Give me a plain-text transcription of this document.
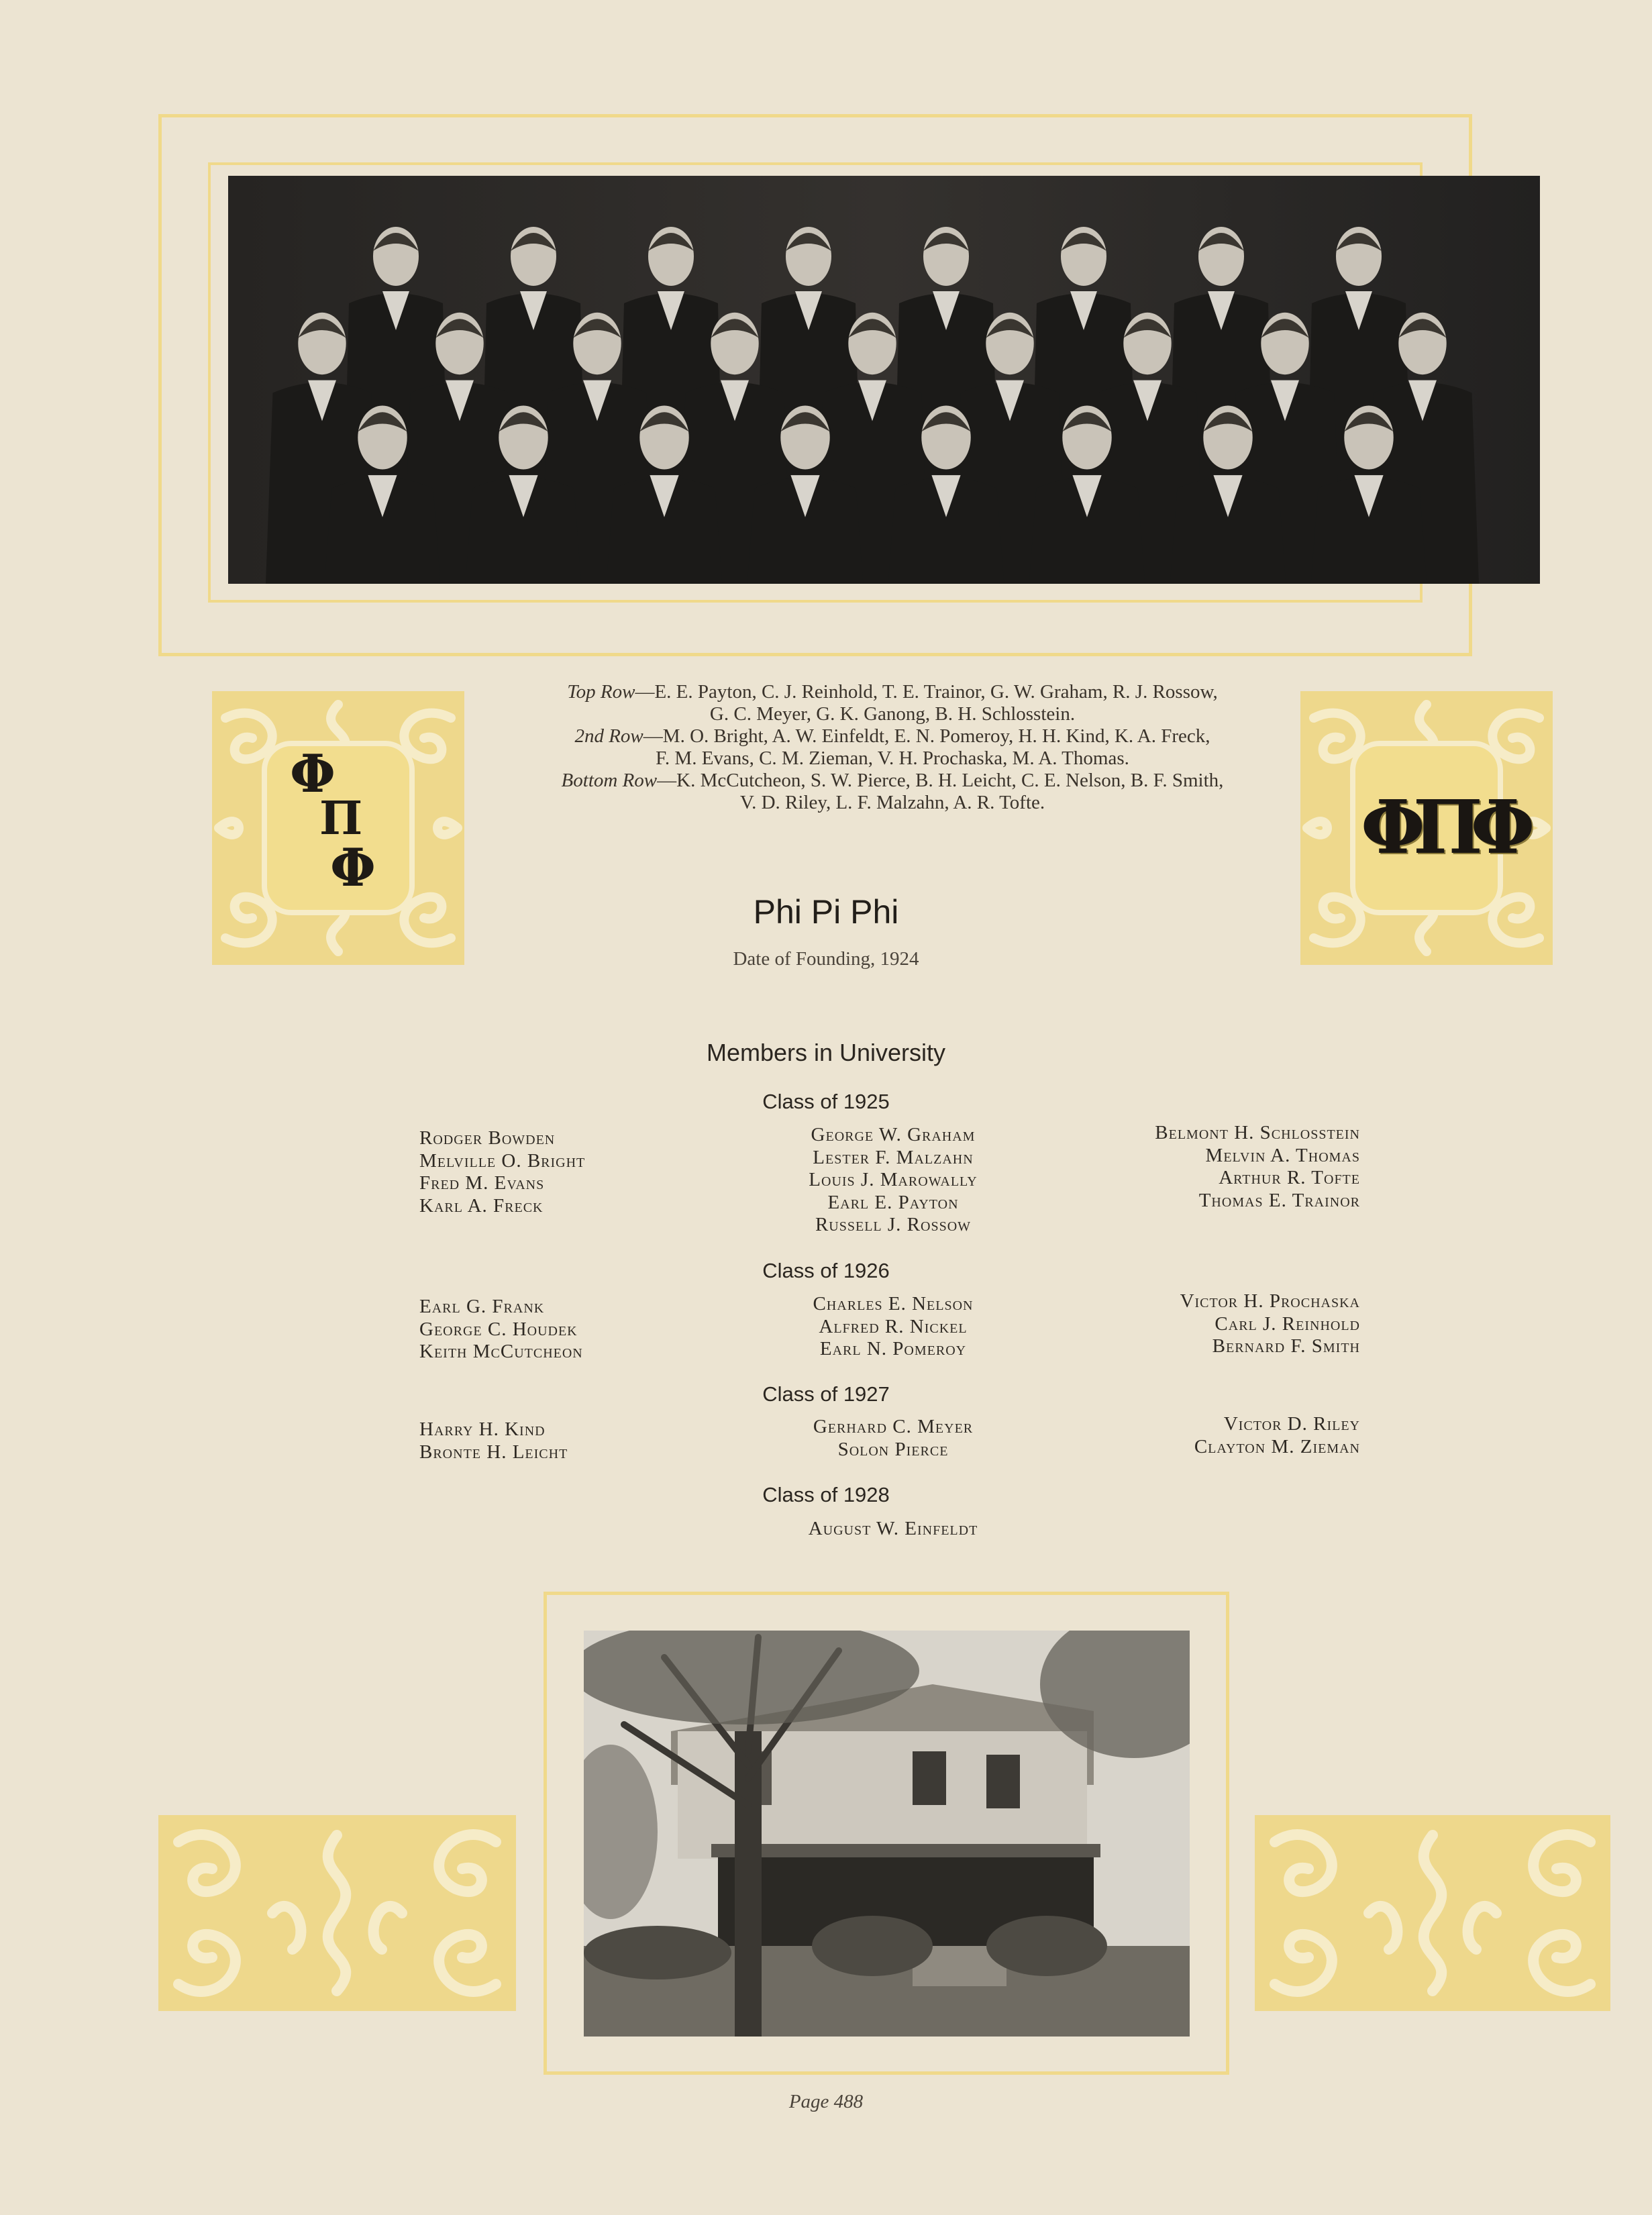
Φ
Π
Φ	ΦΠΦ
Top Row—E. E. Payton, C. J. Reinhold, T. E. Trainor, G. W. Graham, R. J. Rossow,
G. C. Meyer, G. K. Ganong, B. H. Schlosstein.
2nd Row—M. O. Bright, A. W. Einfeldt, E. N. Pomeroy, H. H. Kind, K. A. Freck,
F. M. Evans, C. M. Zieman, V. H. Prochaska, M. A. Thomas.
Bottom Row—K. McCutcheon, S. W. Pierce, B. H. Leicht, C. E. Nelson, B. F. Smith,
V. D. Riley, L. F. Malzahn, A. R. Tofte.
Phi Pi Phi
Date of Founding, 1924
Members in University
Class of 1925
Rodger Bowden
Melville O. Bright
Fred M. Evans
Karl A. Freck
George W. Graham
Lester F. Malzahn
Louis J. Marowally
Earl E. Payton
Russell J. Rossow
Belmont H. Schlosstein
Melvin A. Thomas
Arthur R. Tofte
Thomas E. Trainor
Class of 1926
Earl G. Frank
George C. Houdek
Keith McCutcheon
Charles E. Nelson
Alfred R. Nickel
Earl N. Pomeroy
Victor H. Prochaska
Carl J. Reinhold
Bernard F. Smith
Class of 1927
Harry H. Kind
Bronte H. Leicht
Gerhard C. Meyer
Solon Pierce
Victor D. Riley
Clayton M. Zieman
Class of 1928
August W. Einfeldt
Page 488
